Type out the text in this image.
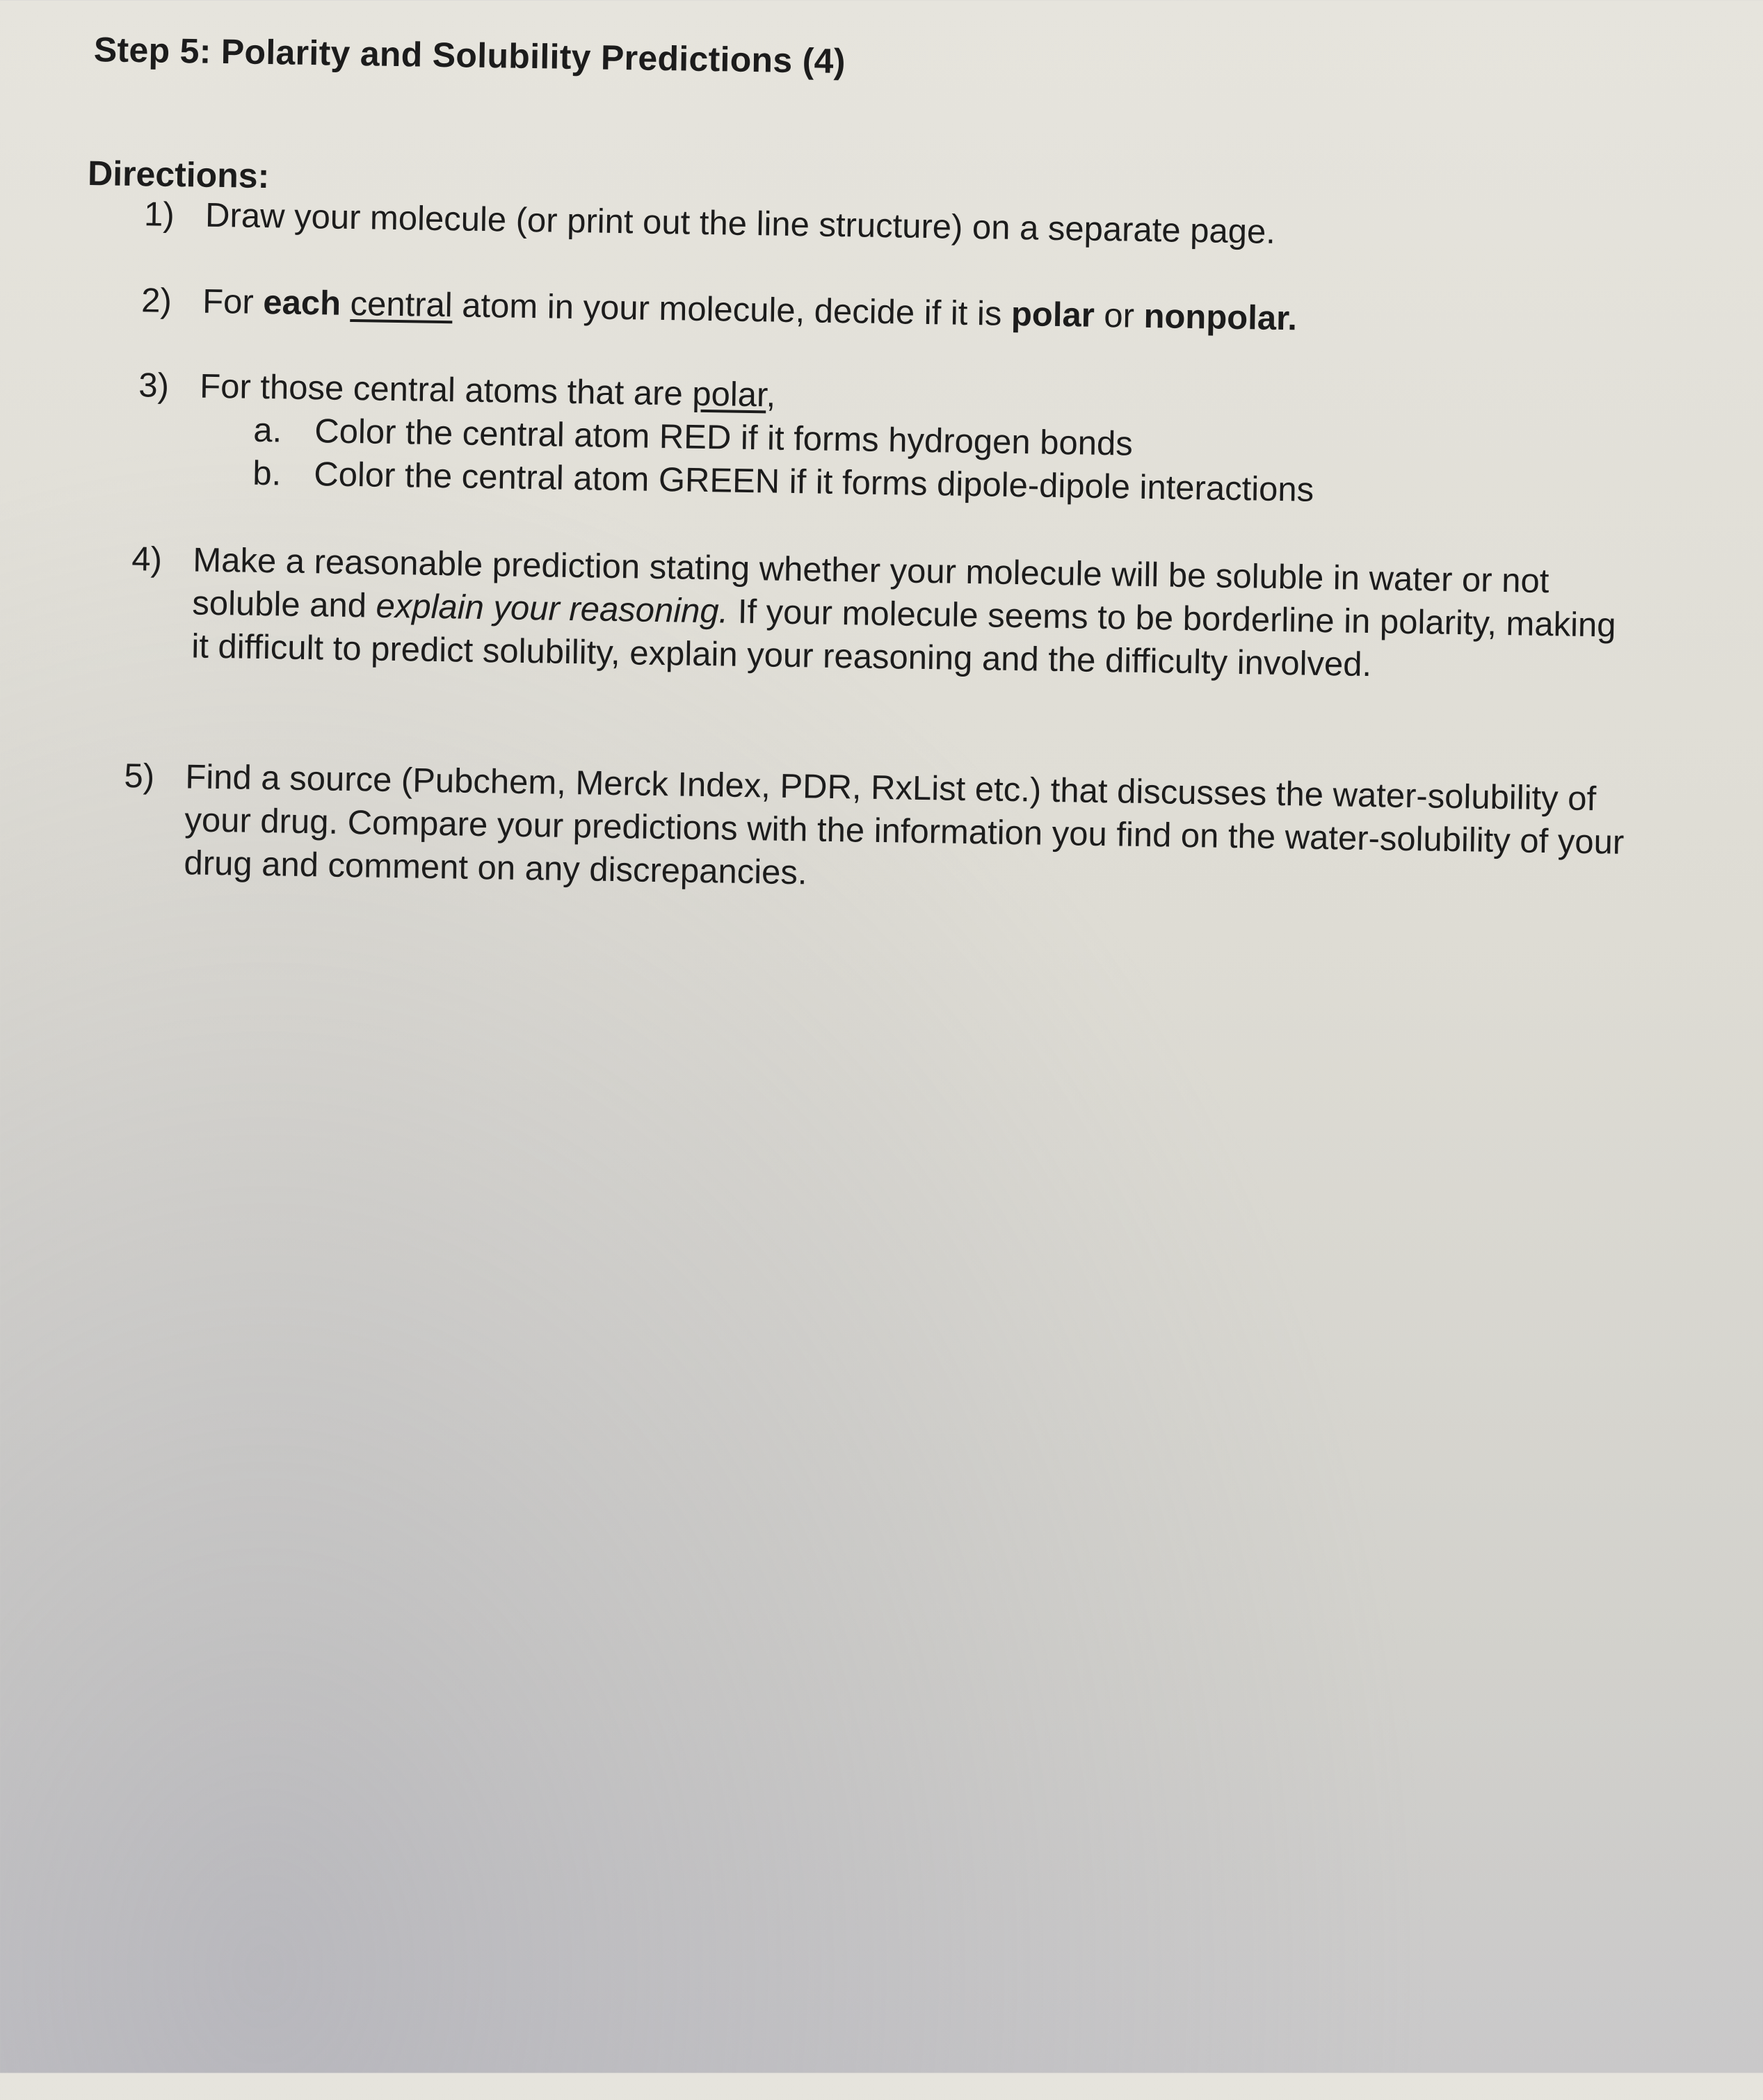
Step 5: Polarity and Solubility Predictions (4)

Directions:

1) Draw your molecule (or print out the line structure) on a separate page.
2) For each central atom in your molecule, decide if it is polar or nonpolar.
3) For those central atoms that are polar,
a. Color the central atom RED if it forms hydrogen bonds
b. Color the central atom GREEN if it forms dipole-dipole interactions
4) Make a reasonable prediction stating whether your molecule will be soluble in water or not soluble and explain your reasoning. If your molecule seems to be borderline in polarity, making it difficult to predict solubility, explain your reasoning and the difficulty involved.
5) Find a source (Pubchem, Merck Index, PDR, RxList etc.) that discusses the water-solubility of your drug. Compare your predictions with the information you find on the water-solubility of your drug and comment on any discrepancies.
